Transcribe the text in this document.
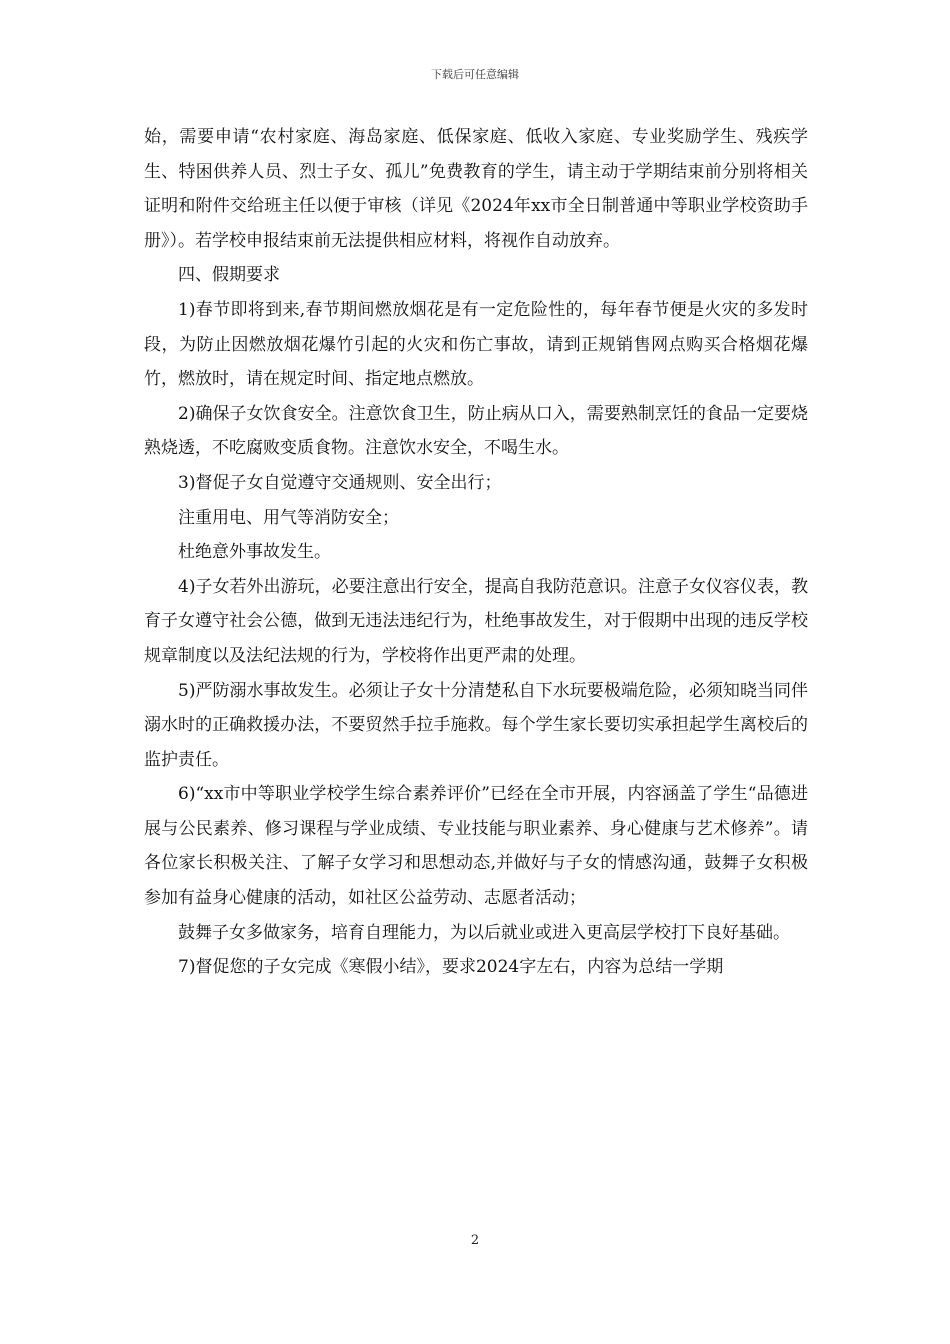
下载后可任意编辑

始，需要申请“农村家庭、海岛家庭、低保家庭、低收入家庭、专业奖励学生、残疾学生、特困供养人员、烈士子女、孤儿”免费教育的学生，请主动于学期结束前分别将相关证明和附件交给班主任以便于审核（详见《2024年xx市全日制普通中等职业学校资助手册》）。若学校申报结束前无法提供相应材料，将视作自动放弃。

四、假期要求

1)春节即将到来,春节期间燃放烟花是有一定危险性的，每年春节便是火灾的多发时段，为防止因燃放烟花爆竹引起的火灾和伤亡事故，请到正规销售网点购买合格烟花爆竹，燃放时，请在规定时间、指定地点燃放。

2)确保子女饮食安全。注意饮食卫生，防止病从口入，需要熟制烹饪的食品一定要烧熟烧透，不吃腐败变质食物。注意饮水安全，不喝生水。

3)督促子女自觉遵守交通规则、安全出行；

注重用电、用气等消防安全；

杜绝意外事故发生。

4)子女若外出游玩，必要注意出行安全，提高自我防范意识。注意子女仪容仪表，教育子女遵守社会公德，做到无违法违纪行为，杜绝事故发生，对于假期中出现的违反学校规章制度以及法纪法规的行为，学校将作出更严肃的处理。

5)严防溺水事故发生。必须让子女十分清楚私自下水玩要极端危险，必须知晓当同伴溺水时的正确救援办法，不要贸然手拉手施救。每个学生家长要切实承担起学生离校后的监护责任。

6)“xx市中等职业学校学生综合素养评价”已经在全市开展，内容涵盖了学生“品德进展与公民素养、修习课程与学业成绩、专业技能与职业素养、身心健康与艺术修养”。请各位家长积极关注、了解子女学习和思想动态,并做好与子女的情感沟通，鼓舞子女积极参加有益身心健康的活动，如社区公益劳动、志愿者活动；

鼓舞子女多做家务，培育自理能力，为以后就业或进入更高层学校打下良好基础。

7)督促您的子女完成《寒假小结》，要求2024字左右，内容为总结一学期

2
